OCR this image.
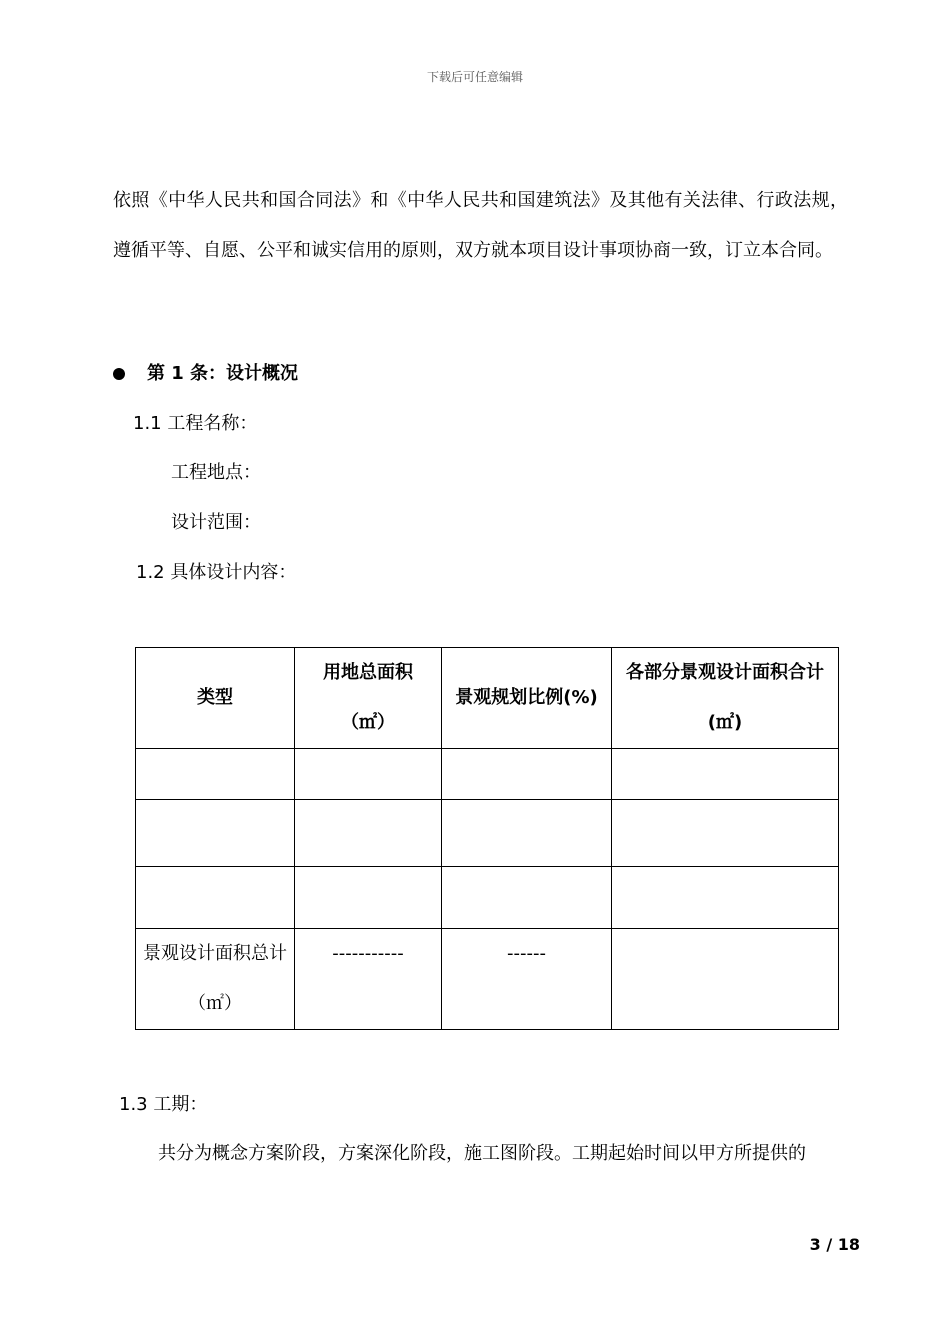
下载后可任意编辑
依照《中华人民共和国合同法》和《中华人民共和国建筑法》及其他有关法律、行政法规，遵循平等、自愿、公平和诚实信用的原则，双方就本项目设计事项协商一致，订立本合同。
第 1 条：设计概况
1.1 工程名称：
工程地点：
设计范围：
1.2 具体设计内容：
类型	用地总面积（㎡）	景观规划比例(%)	各部分景观设计面积合计(㎡)

景观设计面积总计（㎡）	-----------	------	
1.3 工期：
共分为概念方案阶段，方案深化阶段，施工图阶段。工期起始时间以甲方所提供的
3 / 18
